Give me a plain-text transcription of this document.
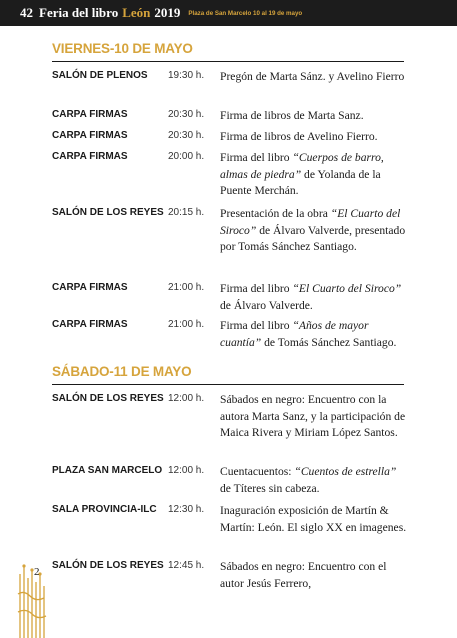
42 Feria del libro León 2019 Plaza de San Marcelo 10 al 19 de mayo
VIERNES-10 DE MAYO
SALÓN DE PLENOS 19:30 h. Pregón de Marta Sánz. y Avelino Fierro
CARPA FIRMAS	20:30 h. Firma de libros de Marta Sanz.
CARPA FIRMAS	20:30 h. Firma de libros de Avelino Fierro.
CARPA FIRMAS	20:00 h. Firma del libro “Cuerpos de barro, almas de piedra” de Yolanda de la Puente Merchán.
SALÓN DE LOS REYES 20:15 h. Presentación de la obra “El Cuarto del Siroco” de Álvaro Valverde, presentado por Tomás Sánchez Santiago.
CARPA FIRMAS	21:00 h. Firma del libro “El Cuarto del Siroco” de Álvaro Valverde.
CARPA FIRMAS	21:00 h. Firma del libro “Años de mayor cuantía” de Tomás Sánchez Santiago.
SÁBADO-11 DE MAYO
SALÓN DE LOS REYES 12:00 h. Sábados en negro: Encuentro con la autora Marta Sanz, y la participación de Maica Rivera y Miriam López Santos.
PLAZA SAN MARCELO 12:00 h. Cuentacuentos: “Cuentos de estrella” de Títeres sin cabeza.
SALA PROVINCIA-ILC 12:30 h. Inaguración exposición de Martín & Martín: León. El siglo XX en imagenes.
SALÓN DE LOS REYES 12:45 h. Sábados en negro: Encuentro con el autor Jesús Ferrero,
2
